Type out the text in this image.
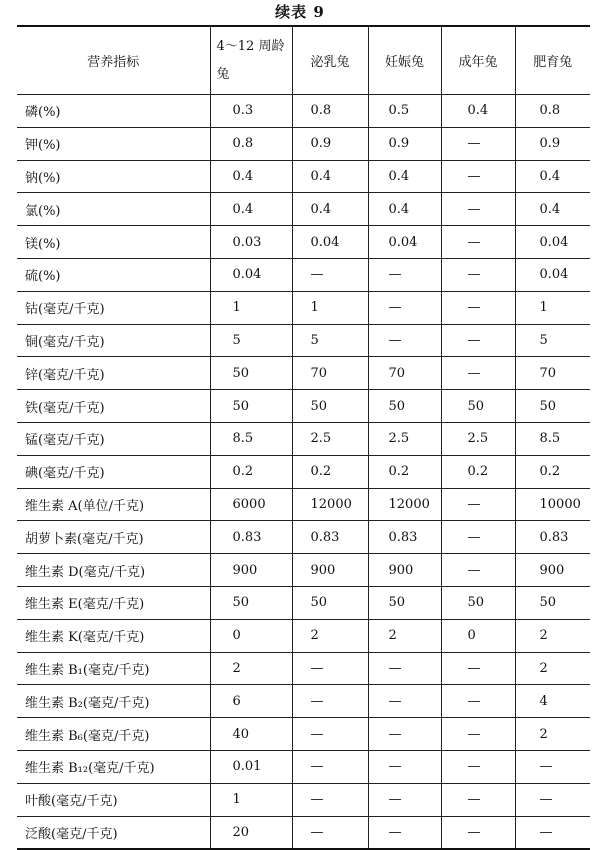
续表 9
营养指标	4～12 周龄兔	泌乳兔	妊娠兔	成年兔	肥育兔
磷(%)	0.3	0.8	0.5	0.4	0.8
钾(%)	0.8	0.9	0.9	—	0.9
钠(%)	0.4	0.4	0.4	—	0.4
氯(%)	0.4	0.4	0.4	—	0.4
镁(%)	0.03	0.04	0.04	—	0.04
硫(%)	0.04	—	—	—	0.04
钴(毫克/千克)	1	1	—	—	1
铜(毫克/千克)	5	5	—	—	5
锌(毫克/千克)	50	70	70	—	70
铁(毫克/千克)	50	50	50	50	50
锰(毫克/千克)	8.5	2.5	2.5	2.5	8.5
碘(毫克/千克)	0.2	0.2	0.2	0.2	0.2
维生素 A(单位/千克)	6000	12000	12000	—	10000
胡萝卜素(毫克/千克)	0.83	0.83	0.83	—	0.83
维生素 D(毫克/千克)	900	900	900	—	900
维生素 E(毫克/千克)	50	50	50	50	50
维生素 K(毫克/千克)	0	2	2	0	2
维生素 B₁(毫克/千克)	2	—	—	—	2
维生素 B₂(毫克/千克)	6	—	—	—	4
维生素 B₆(毫克/千克)	40	—	—	—	2
维生素 B₁₂(毫克/千克)	0.01	—	—	—	—
叶酸(毫克/千克)	1	—	—	—	—
泛酸(毫克/千克)	20	—	—	—	—
